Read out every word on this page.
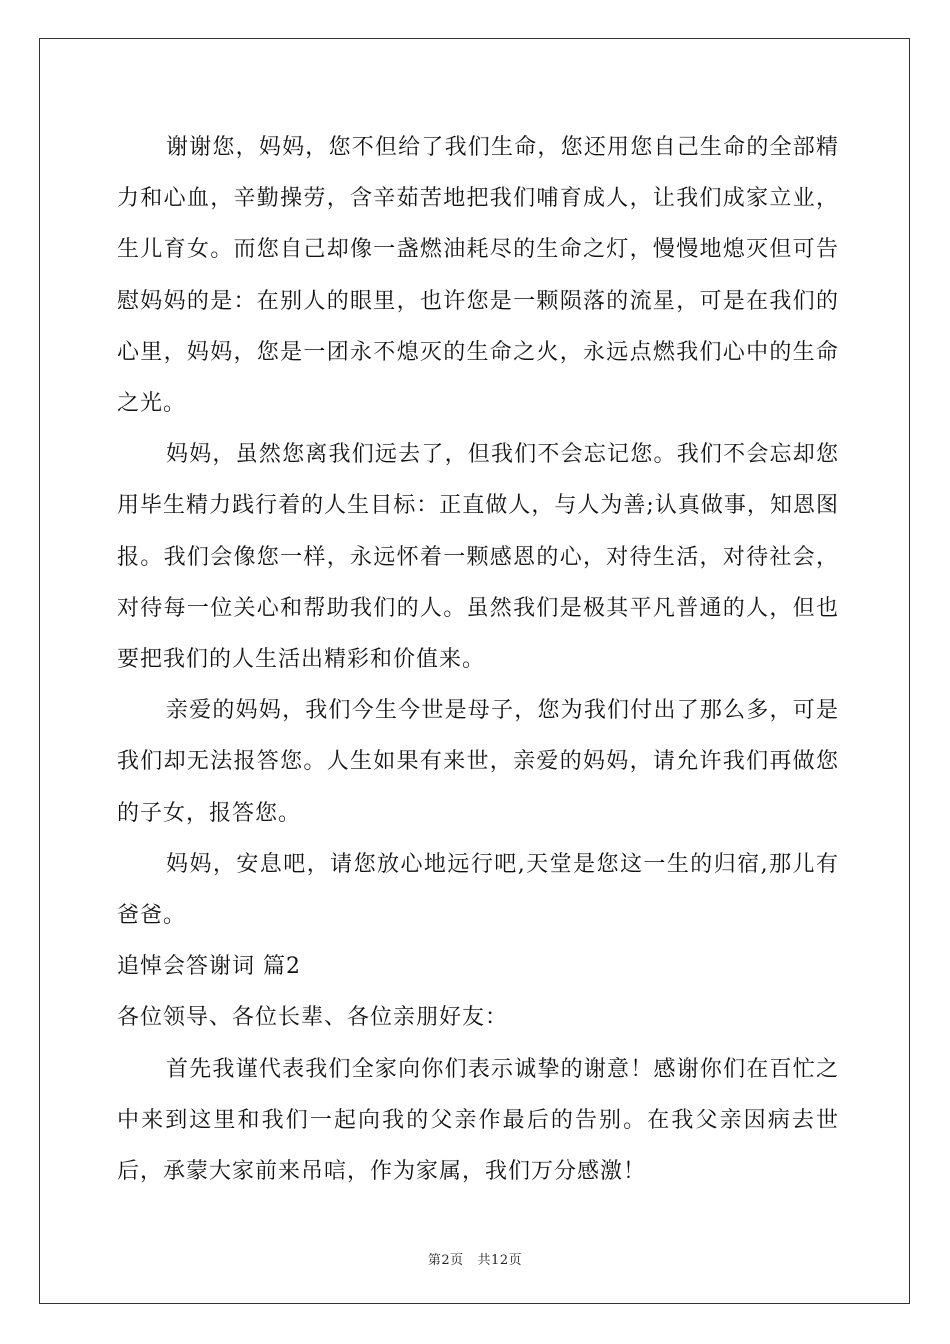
谢谢您，妈妈，您不但给了我们生命，您还用您自己生命的全部精力和心血，辛勤操劳，含辛茹苦地把我们哺育成人，让我们成家立业，生儿育女。而您自己却像一盏燃油耗尽的生命之灯，慢慢地熄灭但可告慰妈妈的是：在别人的眼里，也许您是一颗陨落的流星，可是在我们的心里，妈妈，您是一团永不熄灭的生命之火，永远点燃我们心中的生命之光。

妈妈，虽然您离我们远去了，但我们不会忘记您。我们不会忘却您用毕生精力践行着的人生目标：正直做人，与人为善;认真做事，知恩图报。我们会像您一样，永远怀着一颗感恩的心，对待生活，对待社会，对待每一位关心和帮助我们的人。虽然我们是极其平凡普通的人，但也要把我们的人生活出精彩和价值来。

亲爱的妈妈，我们今生今世是母子，您为我们付出了那么多，可是我们却无法报答您。人生如果有来世，亲爱的妈妈，请允许我们再做您的子女，报答您。

妈妈，安息吧，请您放心地远行吧,天堂是您这一生的归宿,那儿有爸爸。

追悼会答谢词 篇2

各位领导、各位长辈、各位亲朋好友：

首先我谨代表我们全家向你们表示诚挚的谢意！感谢你们在百忙之中来到这里和我们一起向我的父亲作最后的告别。在我父亲因病去世后，承蒙大家前来吊唁，作为家属，我们万分感激！

第2页   共12页
